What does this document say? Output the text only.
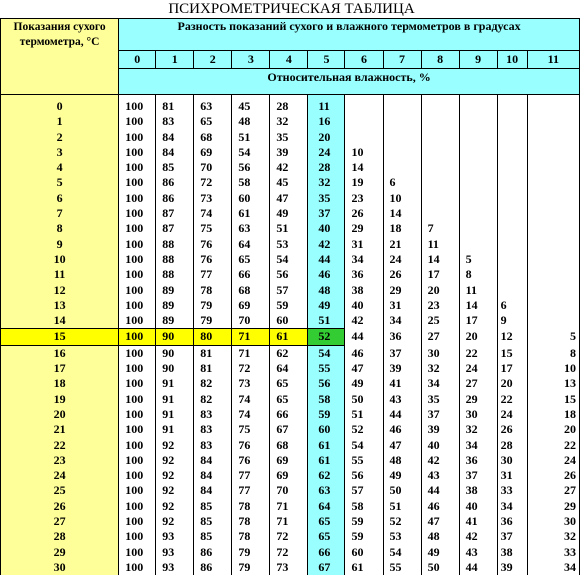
ПСИХРОМЕТРИЧЕСКАЯ ТАБЛИЦА
Показания сухого термометра, °С	Разность показаний сухого и влажного термометров в градусах											
	0	1	2	3	4	5	6	7	8	9	10	11
	Относительная влажность, %											
0	100	81	63	45	28	11						
1	100	83	65	48	32	16						
2	100	84	68	51	35	20						
3	100	84	69	54	39	24	10					
4	100	85	70	56	42	28	14					
5	100	86	72	58	45	32	19	6				
6	100	86	73	60	47	35	23	10				
7	100	87	74	61	49	37	26	14				
8	100	87	75	63	51	40	29	18	7			
9	100	88	76	64	53	42	31	21	11			
10	100	88	76	65	54	44	34	24	14	5		
11	100	88	77	66	56	46	36	26	17	8		
12	100	89	78	68	57	48	38	29	20	11		
13	100	89	79	69	59	49	40	31	23	14	6	
14	100	89	79	70	60	51	42	34	25	17	9	
15	100	90	80	71	61	52	44	36	27	20	12	5
16	100	90	81	71	62	54	46	37	30	22	15	8
17	100	90	81	72	64	55	47	39	32	24	17	10
18	100	91	82	73	65	56	49	41	34	27	20	13
19	100	91	82	74	65	58	50	43	35	29	22	15
20	100	91	83	74	66	59	51	44	37	30	24	18
21	100	91	83	75	67	60	52	46	39	32	26	20
22	100	92	83	76	68	61	54	47	40	34	28	22
23	100	92	84	76	69	61	55	48	42	36	30	24
24	100	92	84	77	69	62	56	49	43	37	31	26
25	100	92	84	77	70	63	57	50	44	38	33	27
26	100	92	85	78	71	64	58	51	46	40	34	29
27	100	92	85	78	71	65	59	52	47	41	36	30
28	100	93	85	78	72	65	59	53	48	42	37	32
29	100	93	86	79	72	66	60	54	49	43	38	33
30	100	93	86	79	73	67	61	55	50	44	39	34
